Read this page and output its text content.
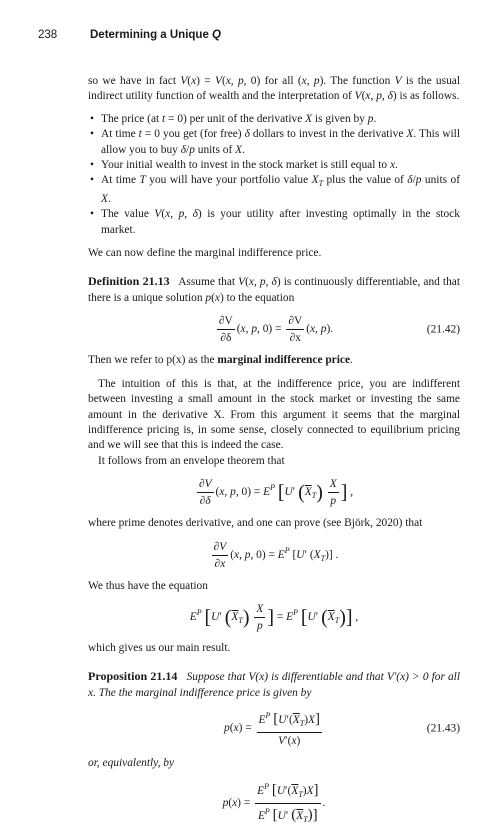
238	Determining a Unique Q

so we have in fact V(x) = V(x, p, 0) for all (x, p). The function V is the usual indirect utility function of wealth and the interpretation of V(x, p, δ) is as follows.

• The price (at t = 0) per unit of the derivative X is given by p.
• At time t = 0 you get (for free) δ dollars to invest in the derivative X. This will allow you to buy δ/p units of X.
• Your initial wealth to invest in the stock market is still equal to x.
• At time T you will have your portfolio value $X_T$ plus the value of δ/p units of X.
• The value V(x, p, δ) is your utility after investing optimally in the stock market.

We can now define the marginal indifference price.

Definition 21.13   Assume that V(x, p, δ) is continuously differentiable, and that there is a unique solution p(x) to the equation

$\frac{\partial V}{\partial\delta} (x$, p, $0) = \frac{\partial V}{\partial x} (x$, p).	(21.42)

Then we refer to p(x) as the marginal indifference price.

The intuition of this is that, at the indifference price, you are indifferent between investing a small amount in the stock market or investing the same amount in the derivative X. From this argument it seems that the marginal indifference pricing is, in some sense, closely connected to equilibrium pricing and we will see that this is indeed the case.

It follows from an envelope theorem that

$\frac{\partial V}{\partial\delta} (x$, p, $0) = E^P$ [U′ $(\overline{X}_T) \frac{X}{p}$ ] ,

where prime denotes derivative, and one can prove (see Björk, 2020) that

$\frac{\partial V}{\partial x} (x$, p, $0) = E^P$ [U′ $(X_T)$] .

We thus have the equation

$E^P$ [U′ $(\overline{X}_T) \frac{X}{p}$ ] = $E^P$ [U′ $(\overline{X}_T)$] ,

which gives us our main result.

Proposition 21.14   Suppose that V(x) is differentiable and that V′(x) > 0 for all x. The the marginal indifference price is given by

$p(x) = \frac{E^P [U'(\overline{X}_T)X]}{V'(x)}$	(21.43)

or, equivalently, by

$p(x) = \frac{E^P [U'(\overline{X}_T)X]}{E^P [U' (\overline{X}_T)]}$ .
